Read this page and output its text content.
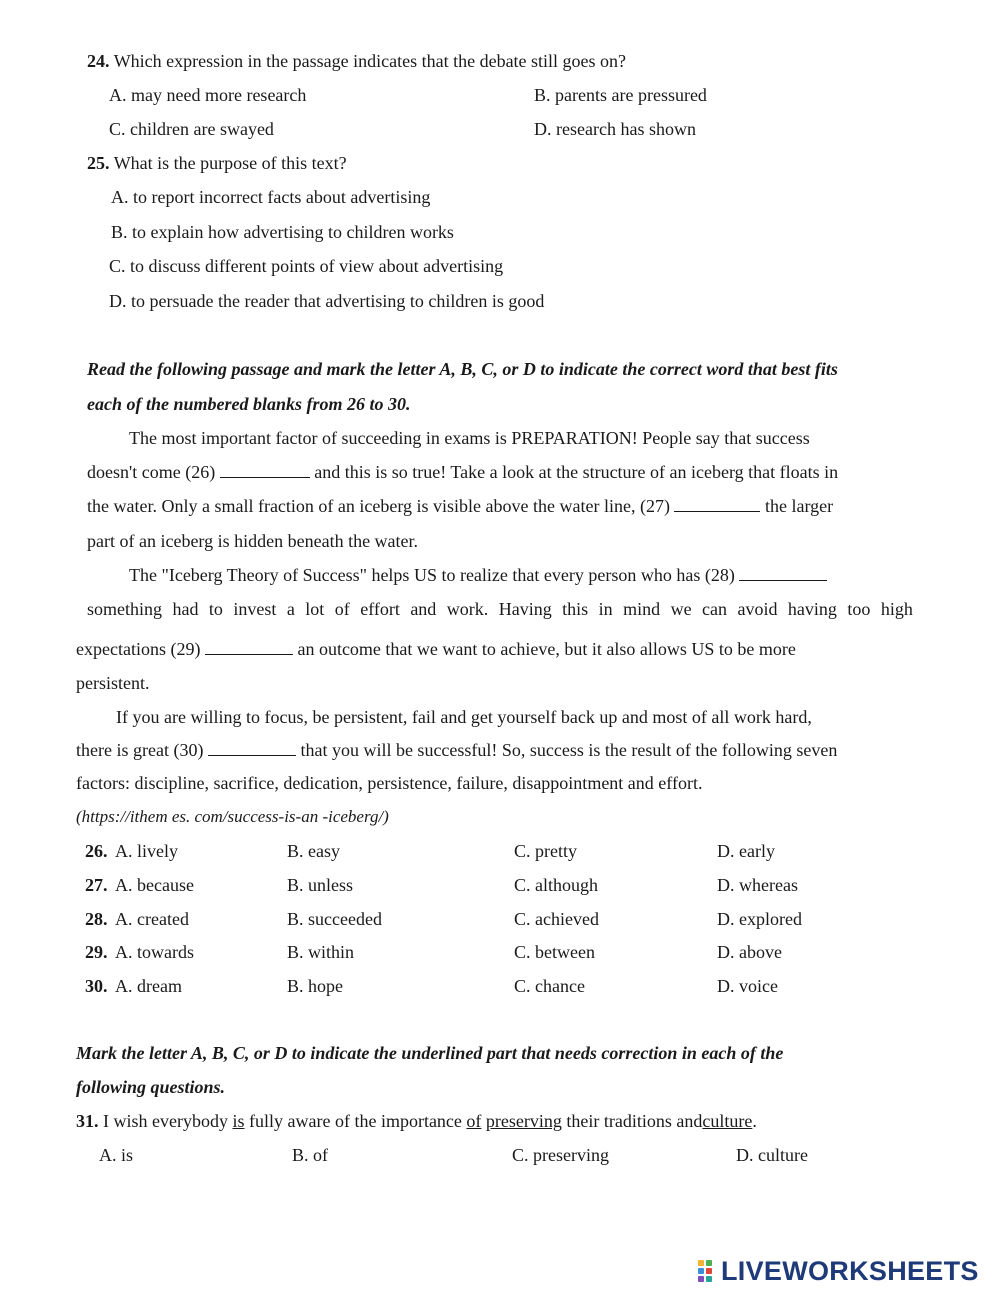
24. Which expression in the passage indicates that the debate still goes on?
A. may need more research	B. parents are pressured
C. children are swayed	D. research has shown
25. What is the purpose of this text?
A. to report incorrect facts about advertising
B. to explain how advertising to children works
C. to discuss different points of view about advertising
D. to persuade the reader that advertising to children is good
Read the following passage and mark the letter A, B, C, or D to indicate the correct word that best fits
each of the numbered blanks from 26 to 30.
The most important factor of succeeding in exams is PREPARATION! People say that success
doesn't come (26)	and this is so true! Take a look at the structure of an iceberg that floats in
the water. Only a small fraction of an iceberg is visible above the water line, (27)	the larger
part of an iceberg is hidden beneath the water.
The "Iceberg Theory of Success" helps US to realize that every person who has (28)
something had to invest a lot of effort and work. Having this in mind we can avoid having too high
expectations (29)	an outcome that we want to achieve, but it also allows US to be more
persistent.
If you are willing to focus, be persistent, fail and get yourself back up and most of all work hard,
there is great (30)	that you will be successful! So, success is the result of the following seven
factors: discipline, sacrifice, dedication, persistence, failure, disappointment and effort.
(https://ithem es. com/success-is-an -iceberg/)
26. A. lively	B. easy	C. pretty	D. early
27. A. because	B. unless	C. although	D. whereas
28. A. created	B. succeeded	C. achieved	D. explored
29. A. towards	B. within	C. between	D. above
30. A. dream	B. hope	C. chance	D. voice
Mark the letter A, B, C, or D to indicate the underlined part that needs correction in each of the
following questions.
31. I wish everybody is fully aware of the importance of preserving their traditions andculture.
A. is	B. of	C. preserving	D. culture
LIVEWORKSHEETS
